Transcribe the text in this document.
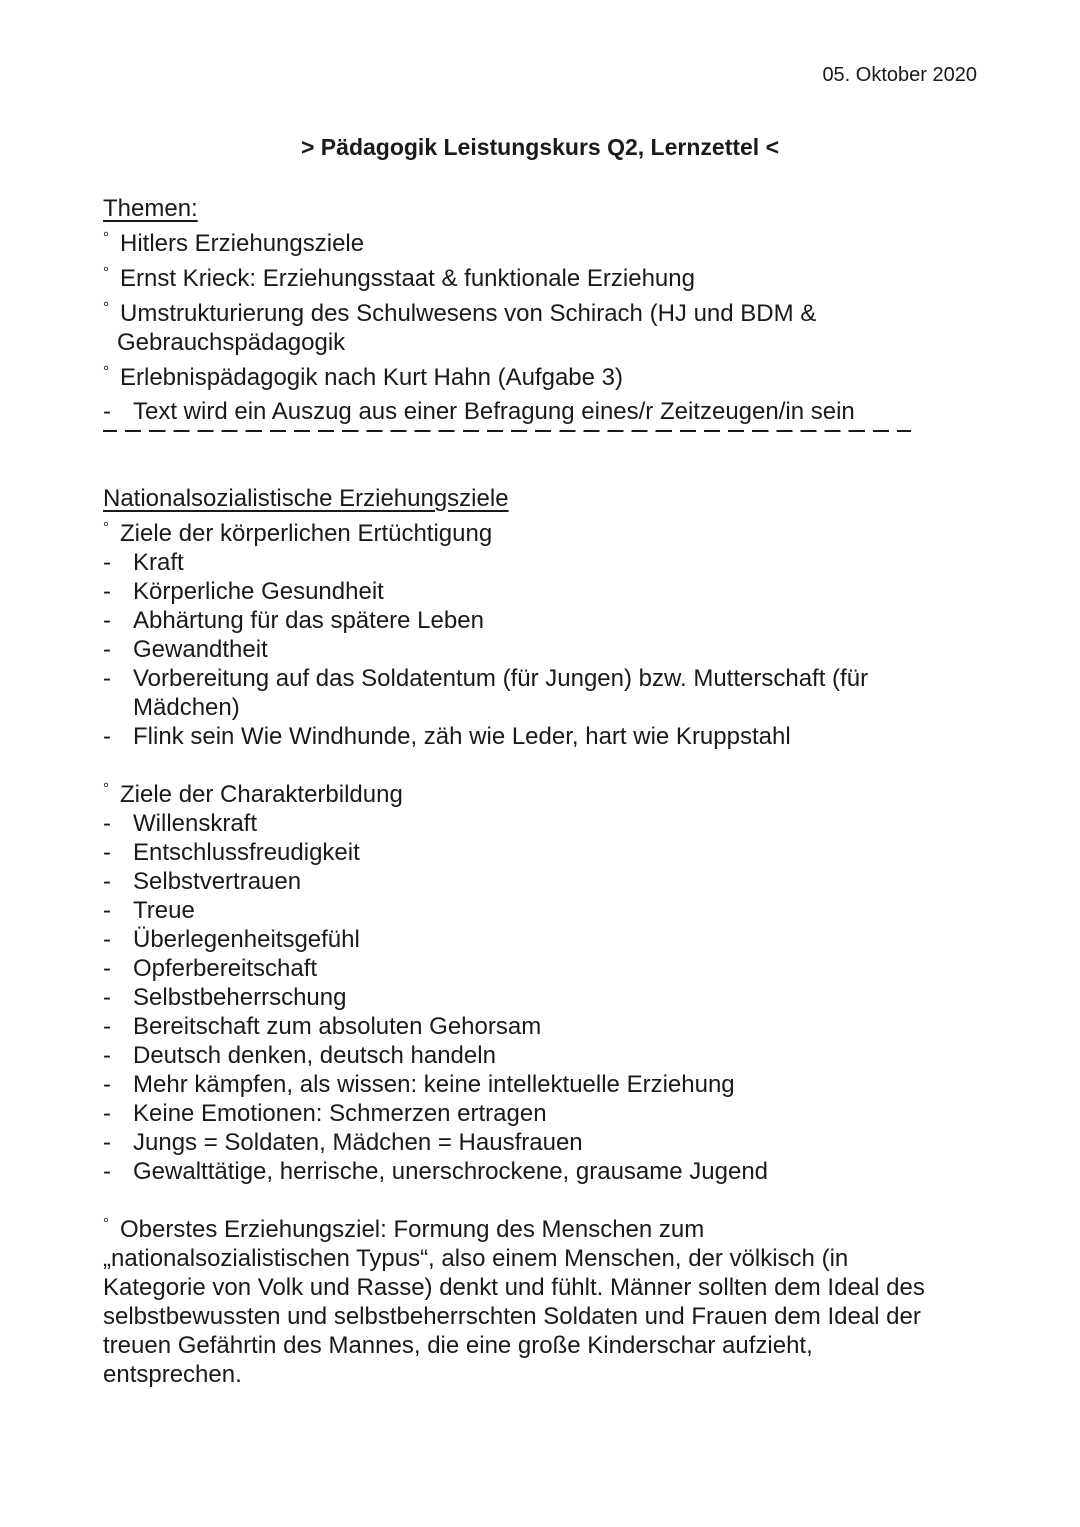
05. Oktober 2020
> Pädagogik Leistungskurs Q2, Lernzettel <
Themen:
° Hitlers Erziehungsziele
° Ernst Krieck: Erziehungsstaat & funktionale Erziehung
° Umstrukturierung des Schulwesens von Schirach (HJ und BDM &
Gebrauchspädagogik
° Erlebnispädagogik nach Kurt Hahn (Aufgabe 3)
- Text wird ein Auszug aus einer Befragung eines/r Zeitzeugen/in sein
Nationalsozialistische Erziehungsziele
° Ziele der körperlichen Ertüchtigung
- Kraft
- Körperliche Gesundheit
- Abhärtung für das spätere Leben
- Gewandtheit
- Vorbereitung auf das Soldatentum (für Jungen) bzw. Mutterschaft (für
Mädchen)
- Flink sein Wie Windhunde, zäh wie Leder, hart wie Kruppstahl
° Ziele der Charakterbildung
- Willenskraft
- Entschlussfreudigkeit
- Selbstvertrauen
- Treue
- Überlegenheitsgefühl
- Opferbereitschaft
- Selbstbeherrschung
- Bereitschaft zum absoluten Gehorsam
- Deutsch denken, deutsch handeln
- Mehr kämpfen, als wissen: keine intellektuelle Erziehung
- Keine Emotionen: Schmerzen ertragen
- Jungs = Soldaten, Mädchen = Hausfrauen
- Gewalttätige, herrische, unerschrockene, grausame Jugend
° Oberstes Erziehungsziel: Formung des Menschen zum
„nationalsozialistischen Typus“, also einem Menschen, der völkisch (in
Kategorie von Volk und Rasse) denkt und fühlt. Männer sollten dem Ideal des
selbstbewussten und selbstbeherrschten Soldaten und Frauen dem Ideal der
treuen Gefährtin des Mannes, die eine große Kinderschar aufzieht,
entsprechen.
